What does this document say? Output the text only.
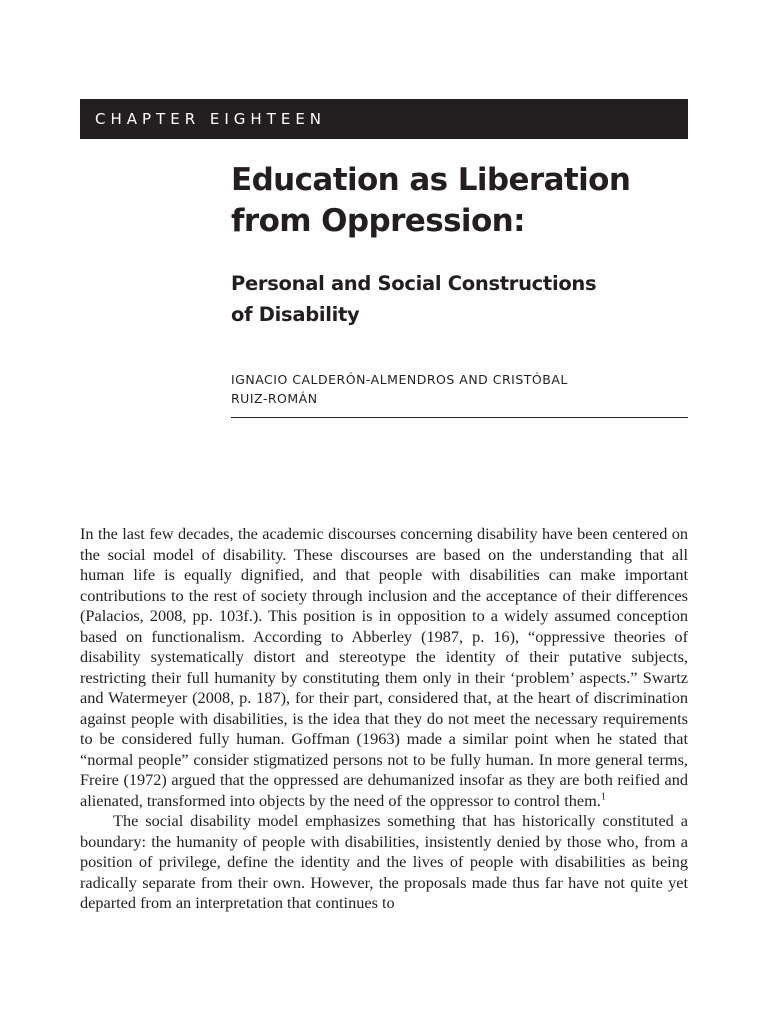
CHAPTER EIGHTEEN
Education as Liberation
from Oppression:
Personal and Social Constructions
of Disability
IGNACIO CALDERÓN-ALMENDROS AND CRISTÓBAL
RUIZ-ROMÁN

In the last few decades, the academic discourses concerning disability have been centered on the social model of disability. These discourses are based on the understanding that all human life is equally dignified, and that people with disabilities can make important contributions to the rest of society through inclusion and the acceptance of their differences (Palacios, 2008, pp. 103f.). This position is in opposition to a widely assumed conception based on functionalism. According to Abberley (1987, p. 16), “oppressive theories of disability systematically distort and stereotype the identity of their putative subjects, restricting their full humanity by constituting them only in their ‘problem’ aspects.” Swartz and Watermeyer (2008, p. 187), for their part, considered that, at the heart of discrimination against people with disabilities, is the idea that they do not meet the necessary requirements to be considered fully human. Goffman (1963) made a similar point when he stated that “normal people” consider stigmatized persons not to be fully human. In more general terms, Freire (1972) argued that the oppressed are dehumanized insofar as they are both reified and alienated, transformed into objects by the need of the oppressor to control them.$^1$

The social disability model emphasizes something that has historically constituted a boundary: the humanity of people with disabilities, insistently denied by those who, from a position of privilege, define the identity and the lives of people with disabilities as being radically separate from their own. However, the proposals made thus far have not quite yet departed from an interpretation that continues to
